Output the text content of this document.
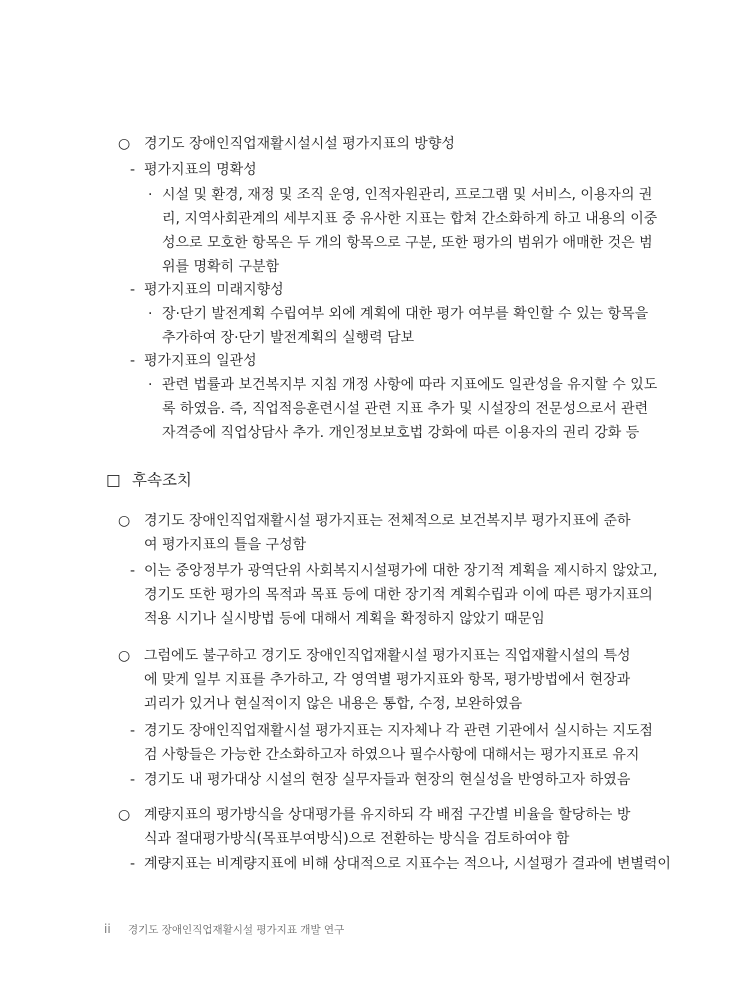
○ 경기도 장애인직업재활시설시설 평가지표의 방향성
- 평가지표의 명확성
· 시설 및 환경, 재정 및 조직 운영, 인적자원관리, 프로그램 및 서비스, 이용자의 권
리, 지역사회관계의 세부지표 중 유사한 지표는 합쳐 간소화하게 하고 내용의 이중
성으로 모호한 항목은 두 개의 항목으로 구분, 또한 평가의 범위가 애매한 것은 범
위를 명확히 구분함
- 평가지표의 미래지향성
· 장·단기 발전계획 수립여부 외에 계획에 대한 평가 여부를 확인할 수 있는 항목을
추가하여 장·단기 발전계획의 실행력 담보
- 평가지표의 일관성
· 관련 법률과 보건복지부 지침 개정 사항에 따라 지표에도 일관성을 유지할 수 있도
록 하였음. 즉, 직업적응훈련시설 관련 지표 추가 및 시설장의 전문성으로서 관련
자격증에 직업상담사 추가. 개인정보보호법 강화에 따른 이용자의 권리 강화 등
□ 후속조치
○ 경기도 장애인직업재활시설 평가지표는 전체적으로 보건복지부 평가지표에 준하
여 평가지표의 틀을 구성함
- 이는 중앙정부가 광역단위 사회복지시설평가에 대한 장기적 계획을 제시하지 않았고,
경기도 또한 평가의 목적과 목표 등에 대한 장기적 계획수립과 이에 따른 평가지표의
적용 시기나 실시방법 등에 대해서 계획을 확정하지 않았기 때문임
○ 그럼에도 불구하고 경기도 장애인직업재활시설 평가지표는 직업재활시설의 특성
에 맞게 일부 지표를 추가하고, 각 영역별 평가지표와 항목, 평가방법에서 현장과
괴리가 있거나 현실적이지 않은 내용은 통합, 수정, 보완하였음
- 경기도 장애인직업재활시설 평가지표는 지자체나 각 관련 기관에서 실시하는 지도점
검 사항들은 가능한 간소화하고자 하였으나 필수사항에 대해서는 평가지표로 유지
- 경기도 내 평가대상 시설의 현장 실무자들과 현장의 현실성을 반영하고자 하였음
○ 계량지표의 평가방식을 상대평가를 유지하되 각 배점 구간별 비율을 할당하는 방
식과 절대평가방식(목표부여방식)으로 전환하는 방식을 검토하여야 함
- 계량지표는 비계량지표에 비해 상대적으로 지표수는 적으나, 시설평가 결과에 변별력이
ii 경기도 장애인직업재활시설 평가지표 개발 연구
